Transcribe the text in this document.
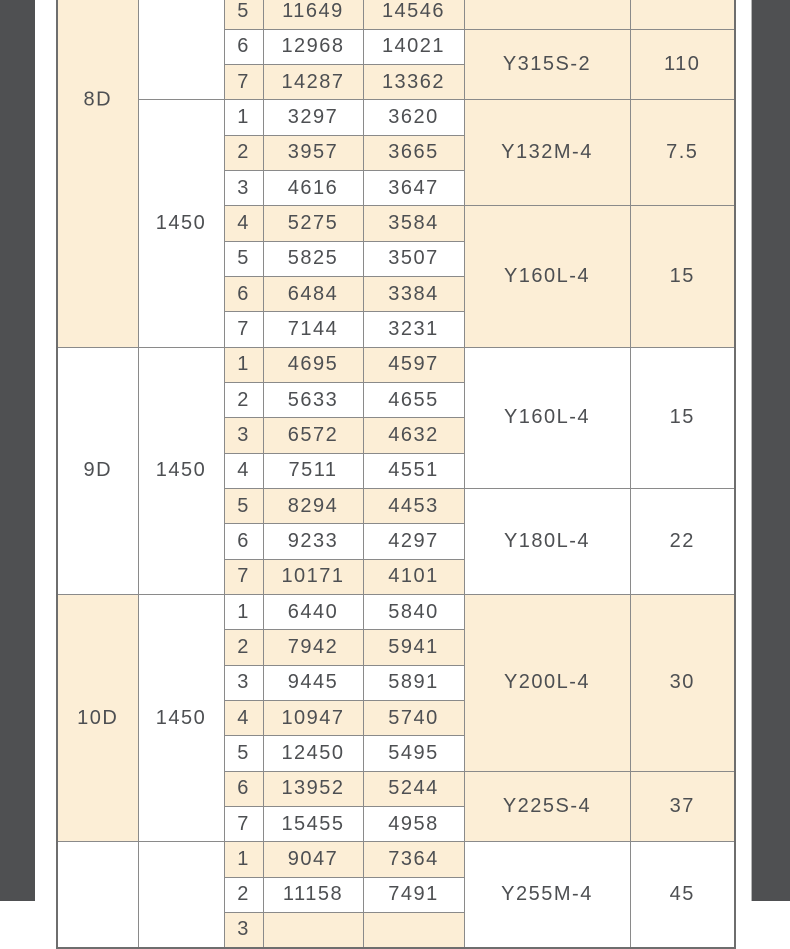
8D		5	11649	14546		
		6	12968	14021	Y315S-2	110
		7	14287	13362		
	1450	1	3297	3620	Y132M-4	7.5
		2	3957	3665		
		3	4616	3647		
		4	5275	3584	Y160L-4	15
		5	5825	3507		
		6	6484	3384		
		7	7144	3231		
9D	1450	1	4695	4597	Y160L-4	15
		2	5633	4655		
		3	6572	4632		
		4	7511	4551		
		5	8294	4453	Y180L-4	22
		6	9233	4297		
		7	10171	4101		
10D	1450	1	6440	5840	Y200L-4	30
		2	7942	5941		
		3	9445	5891		
		4	10947	5740		
		5	12450	5495		
		6	13952	5244	Y225S-4	37
		7	15455	4958		
		1	9047	7364	Y255M-4	45
		2	11158	7491		
		3				
